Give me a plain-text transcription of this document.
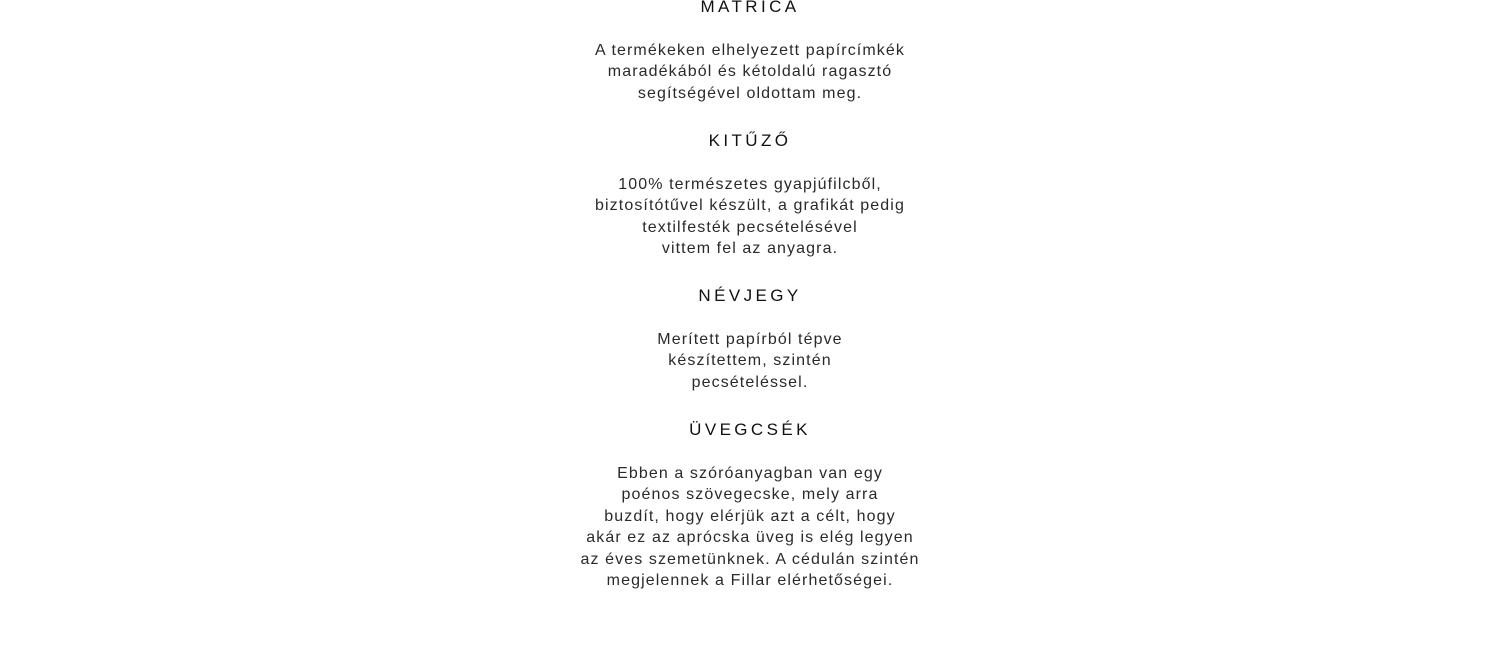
MATRICA

A termékeken elhelyezett papírcímkék
maradékából és kétoldalú ragasztó
segítségével oldottam meg.

KITŰZŐ

100% természetes gyapjúfilcből,
biztosítótűvel készült, a grafikát pedig
textilfesték pecsételésével
vittem fel az anyagra.

NÉVJEGY

Merített papírból tépve
készítettem, szintén
pecsételéssel.

ÜVEGCSÉK

Ebben a szóróanyagban van egy
poénos szövegecske, mely arra
buzdít, hogy elérjük azt a célt, hogy
akár ez az aprócska üveg is elég legyen
az éves szemetünknek. A cédulán szintén
megjelennek a Fillar elérhetőségei.
